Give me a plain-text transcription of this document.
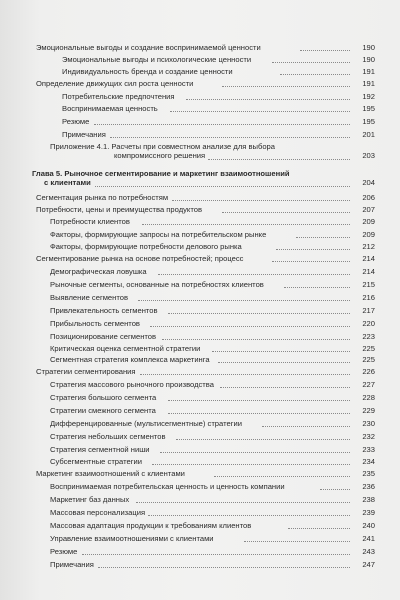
Эмоциональные выгоды и создание воспринимаемой ценности	190
Эмоциональные выгоды и психологические ценности	190
Индивидуальность бренда и создание ценности	191
Определение движущих сил роста ценности	191
Потребительские предпочтения	192
Воспринимаемая ценность	195
Резюме	195
Примечания	201
Приложение 4.1. Расчеты при совместном анализе для выбора
компромиссного решения	203
Глава 5. Рыночное сегментирование и маркетинг взаимоотношений
с клиентами	204
Сегментация рынка по потребностям	206
Потребности, цены и преимущества продуктов	207
Потребности клиентов	209
Факторы, формирующие запросы на потребительском рынке	209
Факторы, формирующие потребности делового рынка	212
Сегментирование рынка на основе потребностей; процесс	214
Демографическая ловушка	214
Рыночные сегменты, основанные на потребностях клиентов	215
Выявление сегментов	216
Привлекательность сегментов	217
Прибыльность сегментов	220
Позиционирование сегментов	223
Критическая оценка сегментной стратегии	225
Сегментная стратегия комплекса маркетинга	225
Стратегии сегментирования	226
Стратегия массового рыночного производства	227
Стратегия большого сегмента	228
Стратегии смежного сегмента	229
Дифференцированные (мультисегментные) стратегии	230
Стратегия небольших сегментов	232
Стратегия сегментной ниши	233
Субсегментные стратегии	234
Маркетинг взаимоотношений с клиентами	235
Воспринимаемая потребительская ценность и ценность компании	236
Маркетинг баз данных	238
Массовая персонализация	239
Массовая адаптация продукции к требованиям клиентов	240
Управление взаимоотношениями с клиентами	241
Резюме	243
Примечания	247
